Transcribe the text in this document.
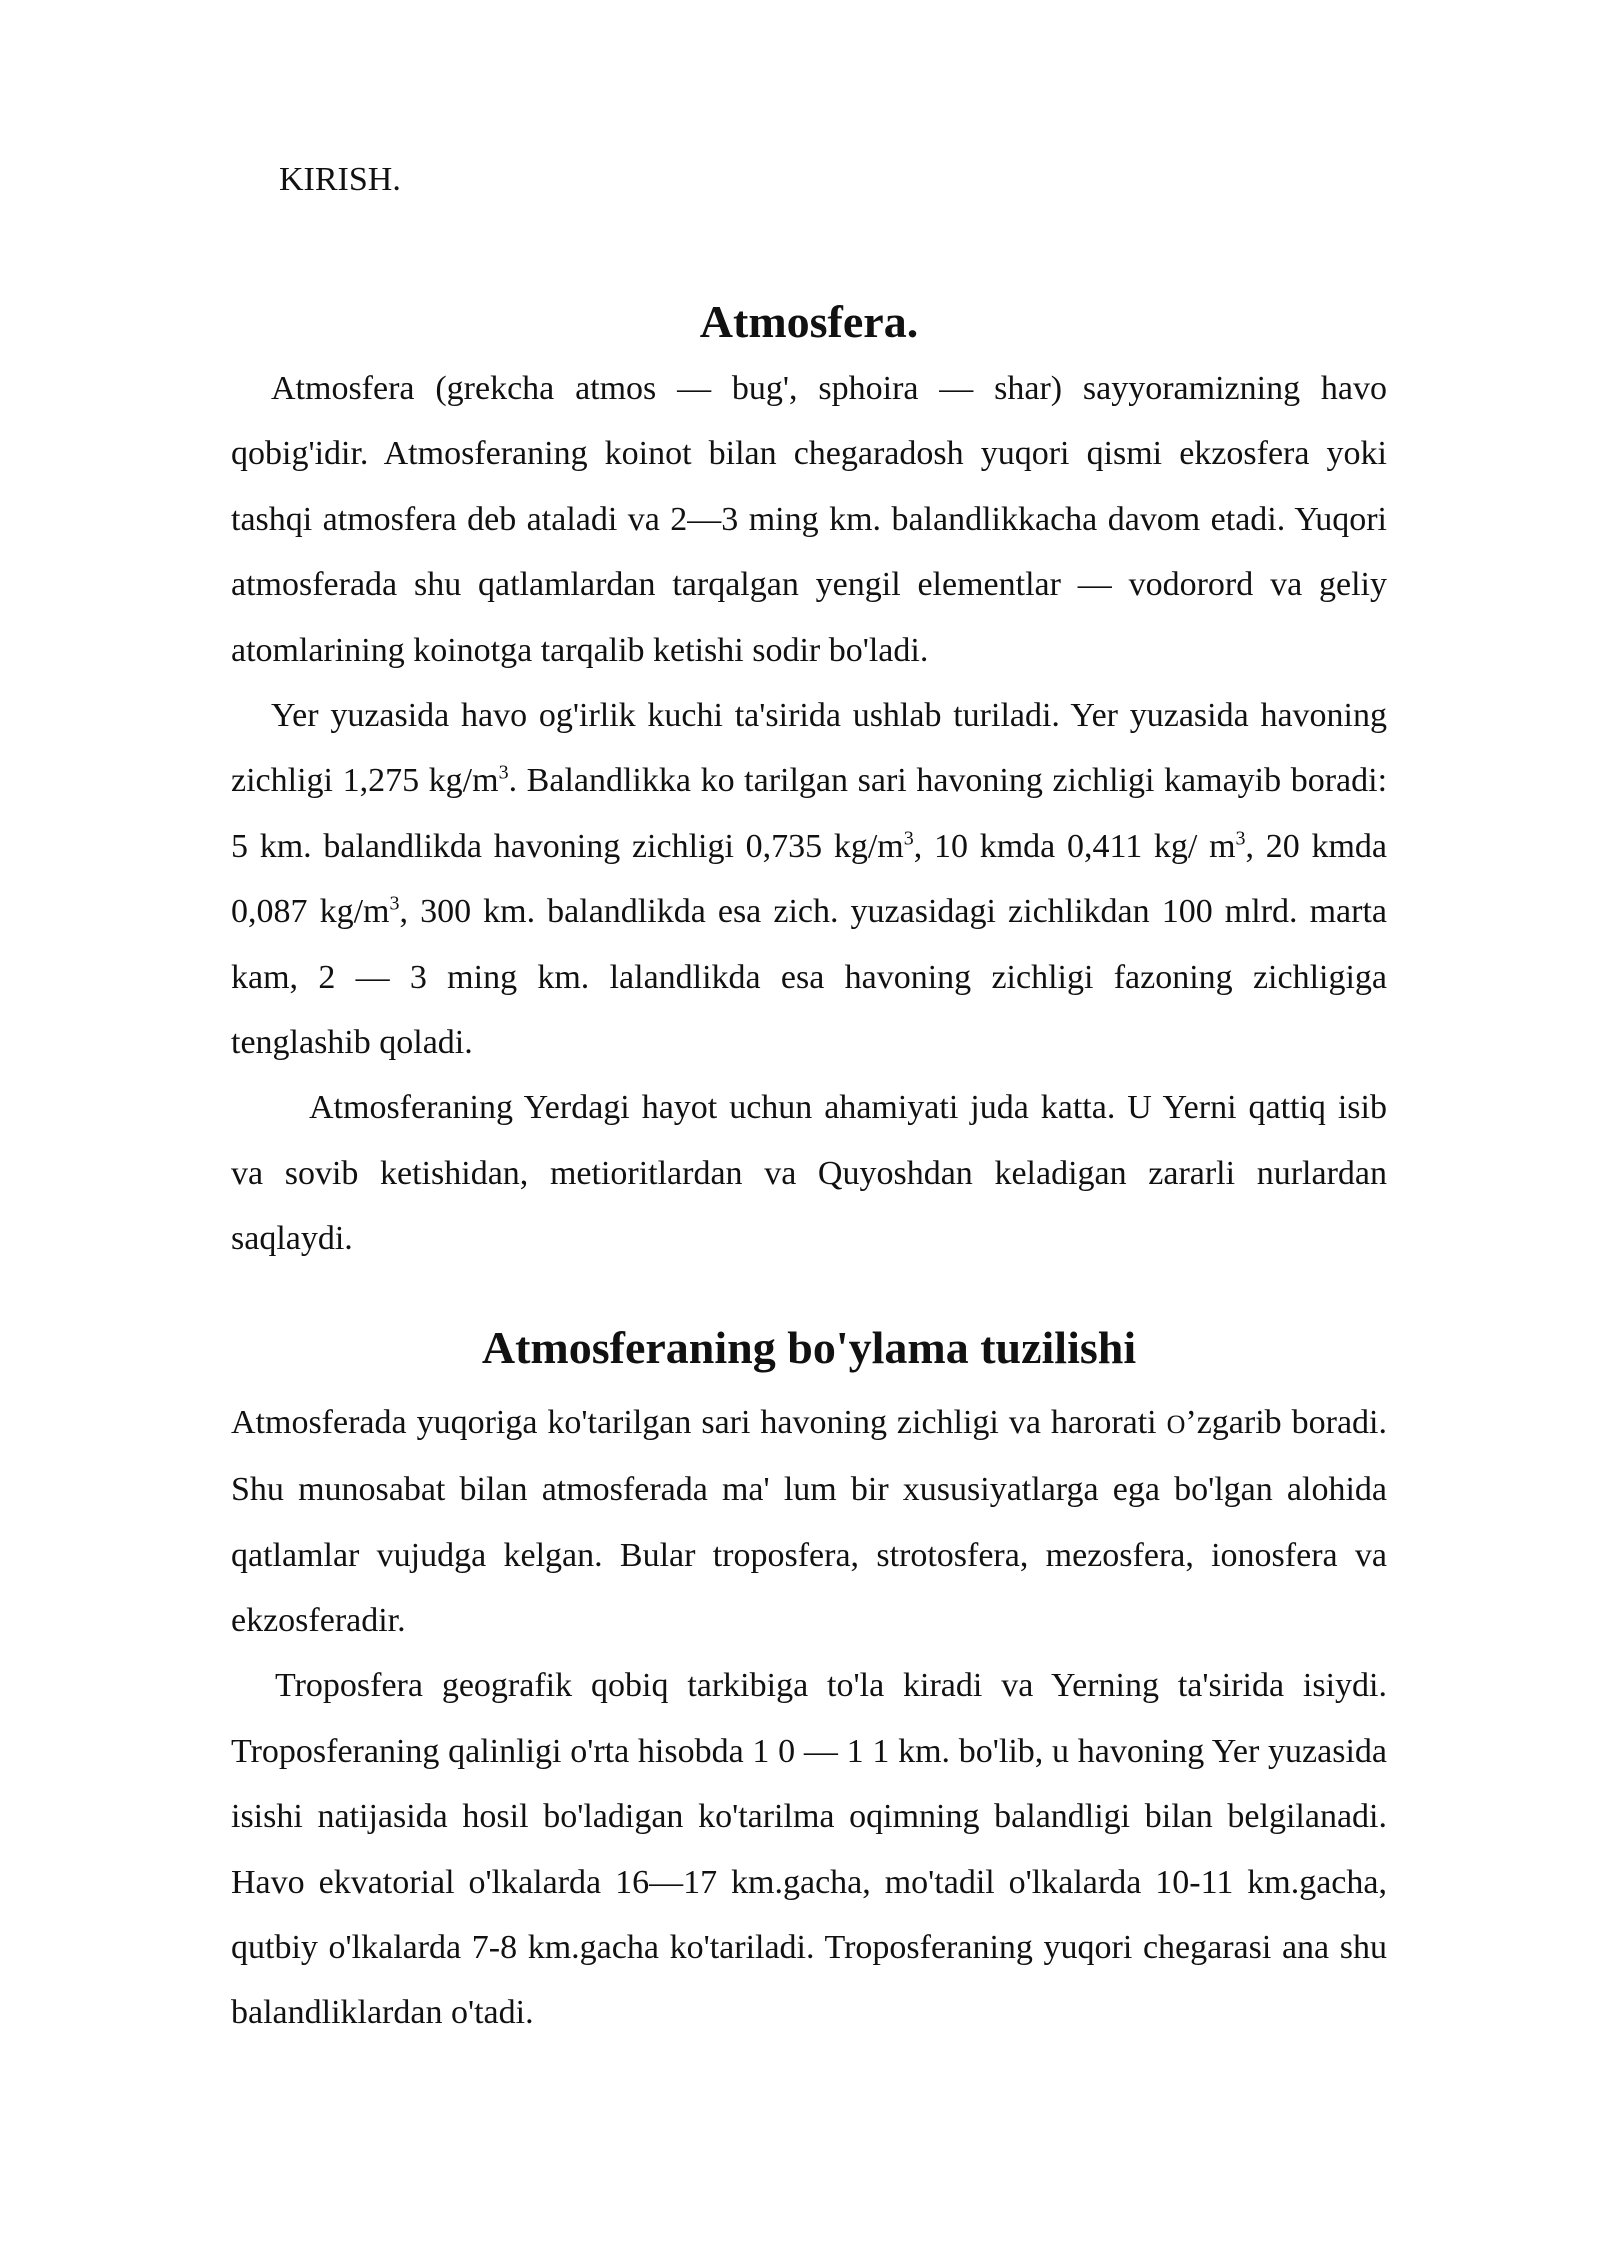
KIRISH.
Atmosfera.

Atmosfera (grekcha atmos — bug', sphoira — shar) sayyoramizning havo qobig'idir. Atmosferaning koinot bilan chegaradosh yuqori qismi ekzosfera yoki tashqi atmosfera deb ataladi va 2—3 ming km. balandlikkacha davom etadi. Yuqori atmosferada shu qatlamlardan tarqalgan yengil elementlar — vodorord va geliy atomlarining koinotga tarqalib ketishi sodir bo'ladi.

Yer yuzasida havo og'irlik kuchi ta'sirida ushlab turiladi. Yer yuzasida havoning zichligi 1,275 $kg/m^3$. Balandlikka ko tarilgan sari havoning zichligi kamayib boradi: 5 km. balandlikda havoning zichligi 0,735 $kg/m^3$, 10 kmda 0,411 kg/ $m^3$, 20 kmda 0,087 $kg/m^3$, 300 km. balandlikda esa zich. yuzasidagi zichlikdan 100 mlrd. marta kam, 2 — 3 ming km. lalandlikda esa havoning zichligi fazoning zichligiga tenglashib qoladi.

Atmosferaning Yerdagi hayot uchun ahamiyati juda katta. U Yerni qattiq isib va sovib ketishidan, metioritlardan va Quyoshdan keladigan zararli nurlardan saqlaydi.

Atmosferaning bo'ylama tuzilishi

Atmosferada yuqoriga ko'tarilgan sari havoning zichligi va harorati O’zgarib boradi. Shu munosabat bilan atmosferada ma' lum bir xususiyatlarga ega bo'lgan alohida qatlamlar vujudga kelgan. Bular troposfera, strotosfera, mezosfera, ionosfera va ekzosferadir.

Troposfera geografik qobiq tarkibiga to'la kiradi va Yerning ta'sirida isiydi. Troposferaning qalinligi o'rta hisobda 1 0 — 1 1 km. bo'lib, u havoning Yer yuzasida isishi natijasida hosil bo'ladigan ko'tarilma oqimning balandligi bilan belgilanadi. Havo ekvatorial o'lkalarda 16—17 km.gacha, mo'tadil o'lkalarda 10-11 km.gacha, qutbiy o'lkalarda 7-8 km.gacha ko'tariladi. Troposferaning yuqori chegarasi ana shu balandliklardan o'tadi.
